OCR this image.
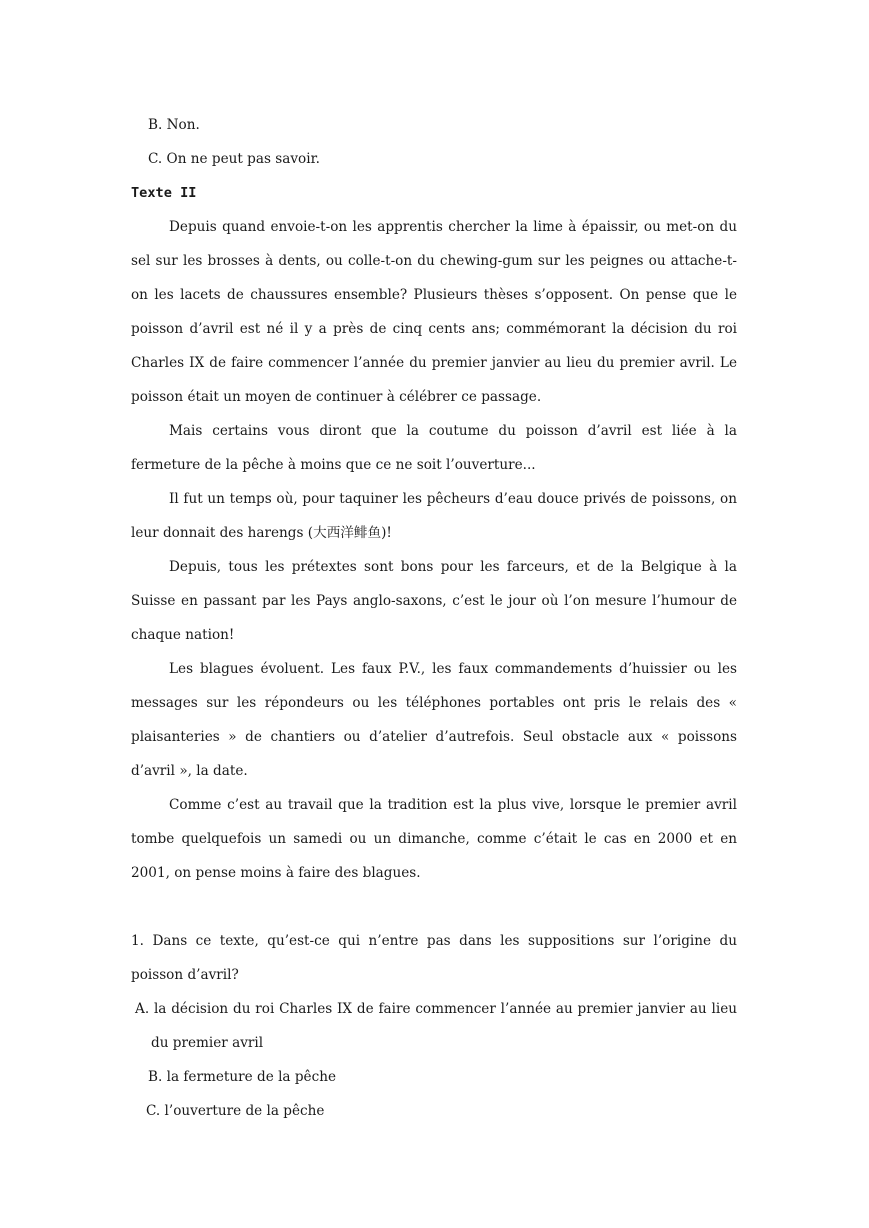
B. Non.

C. On ne peut pas savoir.

Texte II

Depuis quand envoie-t-on les apprentis chercher la lime à épaissir, ou met-on du sel sur les brosses à dents, ou colle-t-on du chewing-gum sur les peignes ou attache-t-on les lacets de chaussures ensemble? Plusieurs thèses s’opposent. On pense que le poisson d’avril est né il y a près de cinq cents ans; commémorant la décision du roi Charles IX de faire commencer l’année du premier janvier au lieu du premier avril. Le poisson était un moyen de continuer à célébrer ce passage.

Mais certains vous diront que la coutume du poisson d’avril est liée à la fermeture de la pêche à moins que ce ne soit l’ouverture...

Il fut un temps où, pour taquiner les pêcheurs d’eau douce privés de poissons, on leur donnait des harengs (大西洋鲱鱼)!

Depuis, tous les prétextes sont bons pour les farceurs, et de la Belgique à la Suisse en passant par les Pays anglo-saxons, c’est le jour où l’on mesure l’humour de chaque nation!

Les blagues évoluent. Les faux P.V., les faux commandements d’huissier ou les messages sur les répondeurs ou les téléphones portables ont pris le relais des « plaisanteries » de chantiers ou d’atelier d’autrefois. Seul obstacle aux « poissons d’avril », la date.

Comme c’est au travail que la tradition est la plus vive, lorsque le premier avril tombe quelquefois un samedi ou un dimanche, comme c’était le cas en 2000 et en 2001, on pense moins à faire des blagues.

1. Dans ce texte, qu’est-ce qui n’entre pas dans les suppositions sur l’origine du poisson d’avril?

A. la décision du roi Charles IX de faire commencer l’année au premier janvier au lieu du premier avril

B. la fermeture de la pêche

C. l’ouverture de la pêche
